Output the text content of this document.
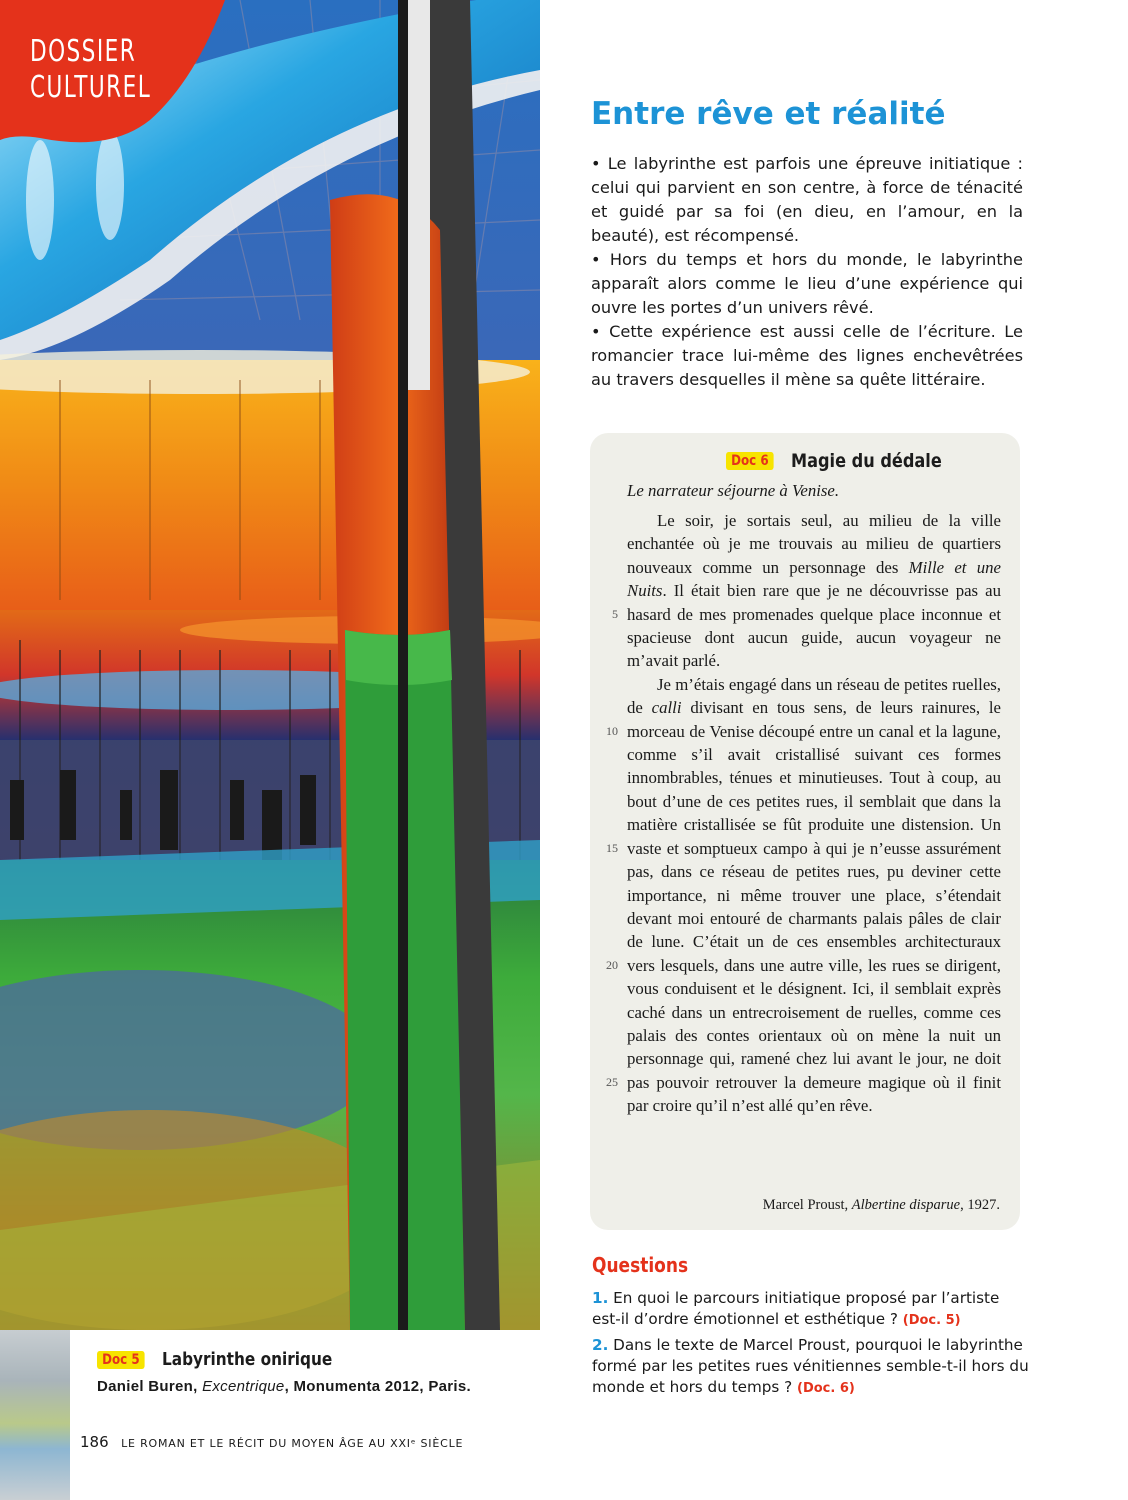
DOSSIER
CULTUREL
Doc 5 Labyrinthe onirique
Daniel Buren, Excentrique, Monumenta 2012, Paris.
186 LE ROMAN ET LE RÉCIT DU MOYEN ÂGE AU XXIᵉ SIÈCLE
Entre rêve et réalité

• Le labyrinthe est parfois une épreuve initiatique : celui qui parvient en son centre, à force de ténacité et guidé par sa foi (en dieu, en l’amour, en la beauté), est récompensé.

• Hors du temps et hors du monde, le labyrinthe apparaît alors comme le lieu d’une expérience qui ouvre les portes d’un univers rêvé.

• Cette expérience est aussi celle de l’écriture. Le romancier trace lui-même des lignes enchevêtrées au travers desquelles il mène sa quête littéraire.

Doc 6 Magie du dédale
Le narrateur séjourne à Venise.
5
10
15
20
25

Le soir, je sortais seul, au milieu de la ville enchantée où je me trouvais au milieu de quartiers nouveaux comme un personnage des Mille et une Nuits. Il était bien rare que je ne découvrisse pas au hasard de mes promenades quelque place inconnue et spacieuse dont aucun guide, aucun voyageur ne m’avait parlé.

Je m’étais engagé dans un réseau de petites ruelles, de calli divisant en tous sens, de leurs rainures, le morceau de Venise découpé entre un canal et la lagune, comme s’il avait cristallisé suivant ces formes innombrables, ténues et minutieuses. Tout à coup, au bout d’une de ces petites rues, il semblait que dans la matière cristallisée se fût produite une distension. Un vaste et somptueux campo à qui je n’eusse assurément pas, dans ce réseau de petites rues, pu deviner cette importance, ni même trouver une place, s’étendait devant moi entouré de charmants palais pâles de clair de lune. C’était un de ces ensembles architecturaux vers lesquels, dans une autre ville, les rues se dirigent, vous conduisent et le désignent. Ici, il semblait exprès caché dans un entrecroisement de ruelles, comme ces palais des contes orientaux où on mène la nuit un personnage qui, ramené chez lui avant le jour, ne doit pas pouvoir retrouver la demeure magique où il finit par croire qu’il n’est allé qu’en rêve.

Marcel Proust, Albertine disparue, 1927.
Questions
1. En quoi le parcours initiatique proposé par l’artiste est-il d’ordre émotionnel et esthétique ? (Doc. 5)
2. Dans le texte de Marcel Proust, pourquoi le labyrinthe formé par les petites rues vénitiennes semble-t-il hors du monde et hors du temps ? (Doc. 6)
